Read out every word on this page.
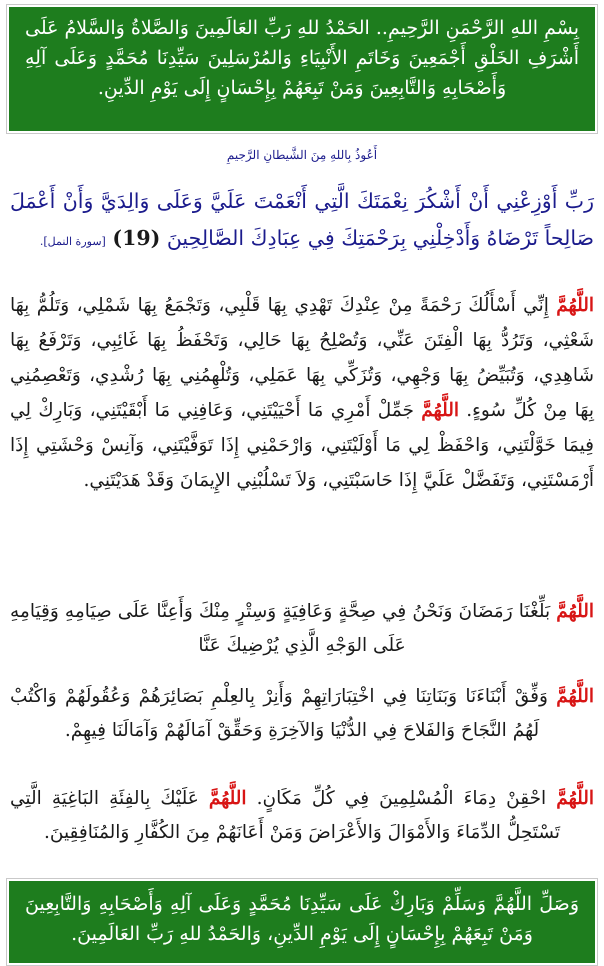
بِسْمِ اللهِ الرَّحْمَنِ الرَّحِيمِ.. الحَمْدُ للهِ رَبِّ العَالَمِينَ وَالصَّلاةُ وَالسَّلامُ عَلَى أَشْرَفِ الخَلْقِ أَجْمَعِينَ وَخَاتَمِ الأَنْبِيَاءِ وَالمُرْسَلِينَ سَيِّدِنَا مُحَمَّدٍ وَعَلَى آلِهِ وَأَصْحَابِهِ وَالتَّابِعِينَ وَمَنْ تَبِعَهُمْ بِإِحْسَانٍ إِلَى يَوْمِ الدِّينِ.
أَعُوذُ بِاللهِ مِنَ الشَّيطانِ الرَّجيمِ
رَبِّ أَوْزِعْنِي أَنْ أَشْكُرَ نِعْمَتَكَ الَّتِي أَنْعَمْتَ عَلَيَّ وَعَلَى وَالِدَيَّ وَأَنْ أَعْمَلَ صَالِحاً تَرْضَاهُ وَأَدْخِلْنِي بِرَحْمَتِكَ فِي عِبَادِكَ الصَّالِحِينَ (19) [سورة النمل].
اللَّهُمَّ إِنِّي أَسْأَلُكَ رَحْمَةً مِنْ عِنْدِكَ تَهْدِي بِهَا قَلْبِي، وَتَجْمَعُ بِهَا شَمْلِي، وَتَلُمُّ بِهَا شَعْثِي، وَتَرُدُّ بِهَا الْفِتَنَ عَنِّي، وَتُصْلِحُ بِهَا حَالِي، وَتَحْفَظُ بِهَا غَائِبِي، وَتَرْفَعُ بِهَا شَاهِدِي، وَتُبَيِّضُ بِهَا وَجْهِي، وَتُزَكِّي بِهَا عَمَلِي، وَتُلْهِمُنِي بِهَا رُشْدِي، وَتَعْصِمُنِي بِهَا مِنْ كُلِّ سُوءٍ. اللَّهُمَّ جَمِّلْ أَمْرِي مَا أَحْيَيْتَنِي، وَعَافِنِي مَا أَبْقَيْتَنِي، وَبَارِكْ لِي فِيمَا خَوَّلْتَنِي، وَاحْفَظْ لِي مَا أَوْلَيْتَنِي، وَارْحَمْنِي إِذَا تَوَفَّيْتَنِي، وَآنِسْ وَحْشَتِي إِذَا أَرْمَسْتَنِي، وَتَفَضَّلْ عَلَيَّ إِذَا حَاسَبْتَنِي، وَلاَ تَسْلُبْنِي الإِيمَانَ وَقَدْ هَدَيْتَنِي.
اللَّهُمَّ بَلِّغْنَا رَمَضَانَ وَنَحْنُ فِي صِحَّةٍ وَعَافِيَةٍ وَسِتْرٍ مِنْكَ وَأَعِنَّا عَلَى صِيَامِهِ وَقِيَامِهِ عَلَى الوَجْهِ الَّذِي يُرْضِيكَ عَنَّا
اللَّهُمَّ وَفِّقْ أَبْنَاءَنَا وَبَنَاتِنَا فِي اخْتِبَارَاتِهِمْ وَأَنِرْ بِالعِلْمِ بَصَائِرَهُمْ وَعُقُولَهُمْ وَاكْتُبْ لَهُمُ النَّجَاحَ وَالفَلاحَ فِي الدُّنْيَا وَالآخِرَةِ وَحَقِّقْ آمَالَهُمْ وَآمَالَنَا فِيهِمْ.
اللَّهُمَّ احْقِنْ دِمَاءَ الْمُسْلِمِينَ فِي كُلِّ مَكَانٍ. اللَّهُمَّ عَلَيْكَ بِالفِئَةِ البَاغِيَةِ الَّتِي تَسْتَحِلُّ الدِّمَاءَ وَالأَمْوَالَ وَالأَعْرَاضَ وَمَنْ أَعَانَهُمْ مِنَ الكُفَّارِ وَالمُنَافِقِينَ.
وَصَلِّ اللَّهُمَّ وَسَلِّمْ وَبَارِكْ عَلَى سَيِّدِنَا مُحَمَّدٍ وَعَلَى آلِهِ وَأَصْحَابِهِ وَالتَّابِعِينَ وَمَنْ تَبِعَهُمْ بِإِحْسَانٍ إِلَى يَوْمِ الدِّينِ، وَالحَمْدُ للهِ رَبِّ العَالَمِينَ.
